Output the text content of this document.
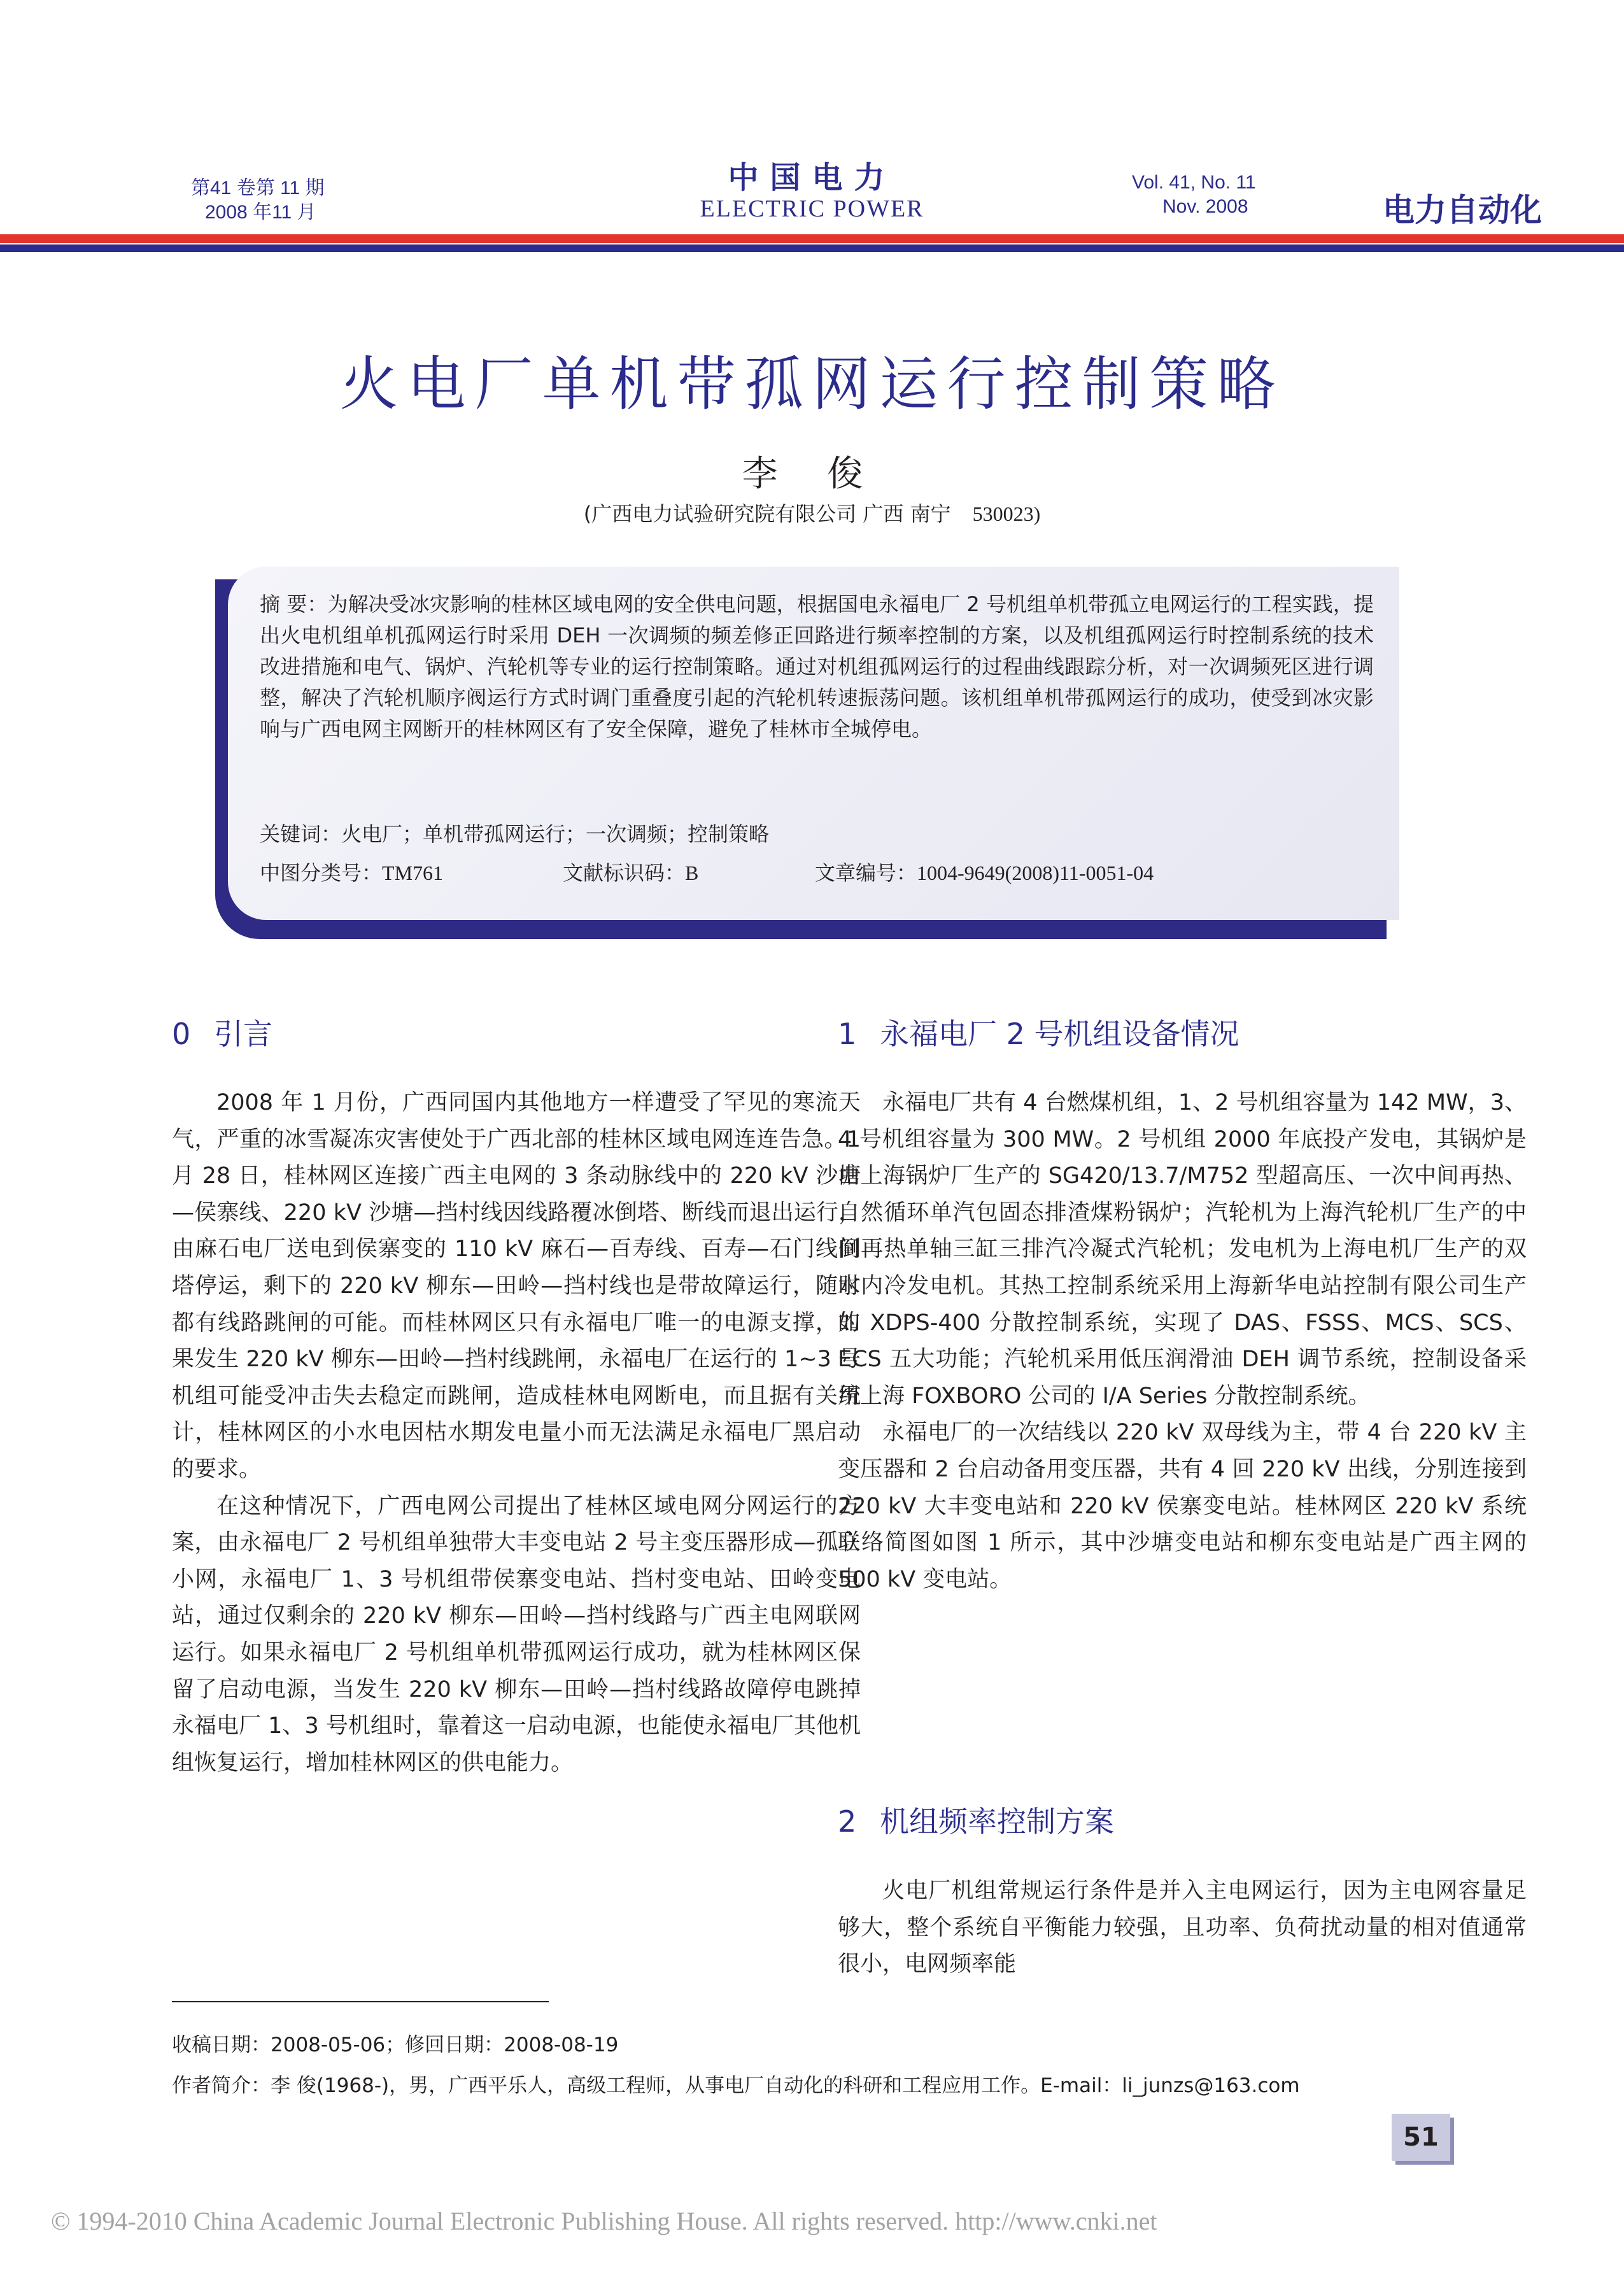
第41 卷第 11 期
2008 年11 月
中国电力
ELECTRIC POWER
Vol. 41, No. 11
Nov. 2008	电力自动化
火电厂单机带孤网运行控制策略
李 俊
(广西电力试验研究院有限公司 广西 南宁 530023)
摘 要：为解决受冰灾影响的桂林区域电网的安全供电问题，根据国电永福电厂 2 号机组单机带孤立电网运行的工程实践，提出火电机组单机孤网运行时采用 DEH 一次调频的频差修正回路进行频率控制的方案，以及机组孤网运行时控制系统的技术改进措施和电气、锅炉、汽轮机等专业的运行控制策略。通过对机组孤网运行的过程曲线跟踪分析，对一次调频死区进行调整，解决了汽轮机顺序阀运行方式时调门重叠度引起的汽轮机转速振荡问题。该机组单机带孤网运行的成功，使受到冰灾影响与广西电网主网断开的桂林网区有了安全保障，避免了桂林市全城停电。
关键词：火电厂；单机带孤网运行；一次调频；控制策略
中图分类号：TM761	文献标识码：B	文章编号：1004-9649(2008)11-0051-04
0 引言

2008 年 1 月份，广西同国内其他地方一样遭受了罕见的寒流天气，严重的冰雪凝冻灾害使处于广西北部的桂林区域电网连连告急。1 月 28 日，桂林网区连接广西主电网的 3 条动脉线中的 220 kV 沙塘—侯寨线、220 kV 沙塘—挡村线因线路覆冰倒塔、断线而退出运行，由麻石电厂送电到侯寨变的 110 kV 麻石—百寿线、百寿—石门线倒塔停运，剩下的 220 kV 柳东—田岭—挡村线也是带故障运行，随时都有线路跳闸的可能。而桂林网区只有永福电厂唯一的电源支撑，如果发生 220 kV 柳东—田岭—挡村线跳闸，永福电厂在运行的 1~3 号机组可能受冲击失去稳定而跳闸，造成桂林电网断电，而且据有关统计，桂林网区的小水电因枯水期发电量小而无法满足永福电厂黑启动的要求。

在这种情况下，广西电网公司提出了桂林区域电网分网运行的方案，由永福电厂 2 号机组单独带大丰变电站 2 号主变压器形成—孤立小网，永福电厂 1、3 号机组带侯寨变电站、挡村变电站、田岭变电站，通过仅剩余的 220 kV 柳东—田岭—挡村线路与广西主电网联网运行。如果永福电厂 2 号机组单机带孤网运行成功，就为桂林网区保留了启动电源，当发生 220 kV 柳东—田岭—挡村线路故障停电跳掉永福电厂 1、3 号机组时，靠着这一启动电源，也能使永福电厂其他机组恢复运行，增加桂林网区的供电能力。

1 永福电厂 2 号机组设备情况

永福电厂共有 4 台燃煤机组，1、2 号机组容量为 142 MW，3、4 号机组容量为 300 MW。2 号机组 2000 年底投产发电，其锅炉是由上海锅炉厂生产的 SG420/13.7/M752 型超高压、一次中间再热、自然循环单汽包固态排渣煤粉锅炉；汽轮机为上海汽轮机厂生产的中间再热单轴三缸三排汽冷凝式汽轮机；发电机为上海电机厂生产的双水内冷发电机。其热工控制系统采用上海新华电站控制有限公司生产的 XDPS-400 分散控制系统，实现了 DAS、FSSS、MCS、SCS、ECS 五大功能；汽轮机采用低压润滑油 DEH 调节系统，控制设备采用上海 FOXBORO 公司的 I/A Series 分散控制系统。

永福电厂的一次结线以 220 kV 双母线为主，带 4 台 220 kV 主变压器和 2 台启动备用变压器，共有 4 回 220 kV 出线，分别连接到 220 kV 大丰变电站和 220 kV 侯寨变电站。桂林网区 220 kV 系统联络简图如图 1 所示，其中沙塘变电站和柳东变电站是广西主网的 500 kV 变电站。

2 机组频率控制方案

火电厂机组常规运行条件是并入主电网运行，因为主电网容量足够大，整个系统自平衡能力较强，且功率、负荷扰动量的相对值通常很小，电网频率能

收稿日期：2008-05-06；修回日期：2008-08-19
作者简介：李 俊(1968-)，男，广西平乐人，高级工程师，从事电厂自动化的科研和工程应用工作。E-mail：li_junzs@163.com
51
© 1994-2010 China Academic Journal Electronic Publishing House. All rights reserved. http://www.cnki.net
